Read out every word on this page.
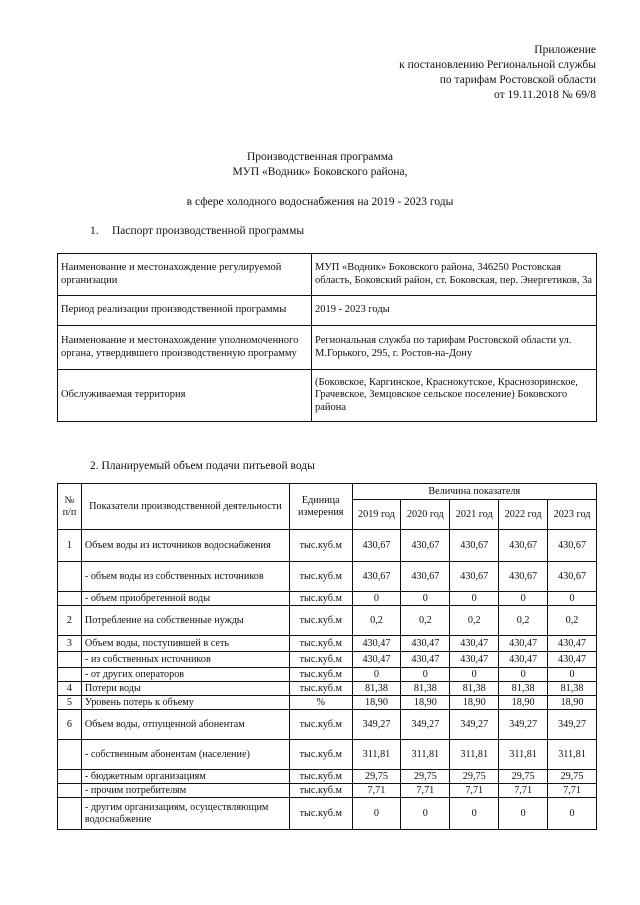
Приложение
к постановлению Региональной службы
по тарифам Ростовской области
от 19.11.2018 № 69/8
Производственная программа
МУП «Водник» Боковского района,
в сфере холодного водоснабжения на 2019 - 2023 годы
1. Паспорт производственной программы
Наименование и местонахождение регулируемой организации	МУП «Водник» Боковского района, 346250 Ростовская область, Боковский район, ст. Боковская, пер. Энергетиков, 3а
Период реализации производственной программы	2019 - 2023 годы
Наименование и местонахождение уполномоченного органа, утвердившего производственную программу	Региональная служба по тарифам Ростовской области ул. М.Горького, 295, г. Ростов-на-Дону
Обслуживаемая территория	(Боковское, Каргинское, Краснокутское, Краснозоринское, Грачевское, Земцовское сельское поселение) Боковского района
2. Планируемый объем подачи питьевой воды
№ п/п	Показатели производственной деятельности	Единица измерения	Величина показателя				
			2019 год	2020 год	2021 год	2022 год	2023 год
1	Объем воды из источников водоснабжения	тыс.куб.м	430,67	430,67	430,67	430,67	430,67
	- объем воды из собственных источников	тыс.куб.м	430,67	430,67	430,67	430,67	430,67
	- объем приобретенной воды	тыс.куб.м	0	0	0	0	0
2	Потребление на собственные нужды	тыс.куб.м	0,2	0,2	0,2	0,2	0,2
3	Объем воды, поступившей в сеть	тыс.куб.м	430,47	430,47	430,47	430,47	430,47
	- из собственных источников	тыс.куб.м	430,47	430,47	430,47	430,47	430,47
	- от других операторов	тыс.куб.м	0	0	0	0	0
4	Потери воды	тыс.куб.м	81,38	81,38	81,38	81,38	81,38
5	Уровень потерь к объему	%	18,90	18,90	18,90	18,90	18,90
6	Объем воды, отпущенной абонентам	тыс.куб.м	349,27	349,27	349,27	349,27	349,27
	- собственным абонентам (население)	тыс.куб.м	311,81	311,81	311,81	311,81	311,81
	- бюджетным организациям	тыс.куб.м	29,75	29,75	29,75	29,75	29,75
	- прочим потребителям	тыс.куб.м	7,71	7,71	7,71	7,71	7,71
	- другим организациям, осуществляющим водоснабжение	тыс.куб.м	0	0	0	0	0
